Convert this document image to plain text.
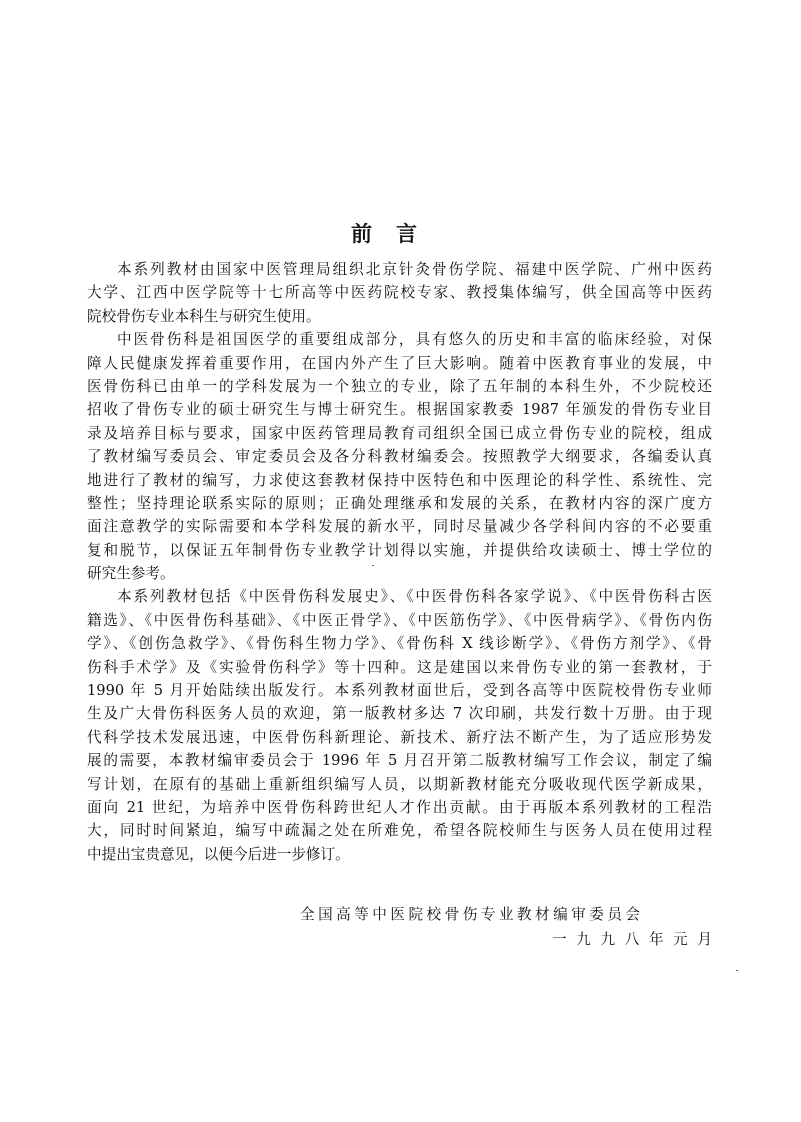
前言
本系列教材由国家中医管理局组织北京针灸骨伤学院、福建中医学院、广州中医药
大学、江西中医学院等十七所高等中医药院校专家、教授集体编写，供全国高等中医药
院校骨伤专业本科生与研究生使用。
中医骨伤科是祖国医学的重要组成部分，具有悠久的历史和丰富的临床经验，对保
障人民健康发挥着重要作用，在国内外产生了巨大影响。随着中医教育事业的发展，中
医骨伤科已由单一的学科发展为一个独立的专业，除了五年制的本科生外，不少院校还
招收了骨伤专业的硕士研究生与博士研究生。根据国家教委 1987 年颁发的骨伤专业目
录及培养目标与要求，国家中医药管理局教育司组织全国已成立骨伤专业的院校，组成
了教材编写委员会、审定委员会及各分科教材编委会。按照教学大纲要求，各编委认真
地进行了教材的编写，力求使这套教材保持中医特色和中医理论的科学性、系统性、完
整性；坚持理论联系实际的原则；正确处理继承和发展的关系，在教材内容的深广度方
面注意教学的实际需要和本学科发展的新水平，同时尽量减少各学科间内容的不必要重
复和脱节，以保证五年制骨伤专业教学计划得以实施，并提供给攻读硕士、博士学位的
研究生参考。
本系列教材包括《中医骨伤科发展史》、《中医骨伤科各家学说》、《中医骨伤科古医
籍选》、《中医骨伤科基础》、《中医正骨学》、《中医筋伤学》、《中医骨病学》、《骨伤内伤
学》、《创伤急救学》、《骨伤科生物力学》、《骨伤科 X 线诊断学》、《骨伤方剂学》、《骨
伤科手术学》及《实验骨伤科学》等十四种。这是建国以来骨伤专业的第一套教材，于
1990 年 5 月开始陆续出版发行。本系列教材面世后，受到各高等中医院校骨伤专业师
生及广大骨伤科医务人员的欢迎，第一版教材多达 7 次印刷，共发行数十万册。由于现
代科学技术发展迅速，中医骨伤科新理论、新技术、新疗法不断产生，为了适应形势发
展的需要，本教材编审委员会于 1996 年 5 月召开第二版教材编写工作会议，制定了编
写计划，在原有的基础上重新组织编写人员，以期新教材能充分吸收现代医学新成果，
面向 21 世纪，为培养中医骨伤科跨世纪人才作出贡献。由于再版本系列教材的工程浩
大，同时时间紧迫，编写中疏漏之处在所难免，希望各院校师生与医务人员在使用过程
中提出宝贵意见，以便今后进一步修订。
全国高等中医院校骨伤专业教材编审委员会
一九九八年元月
